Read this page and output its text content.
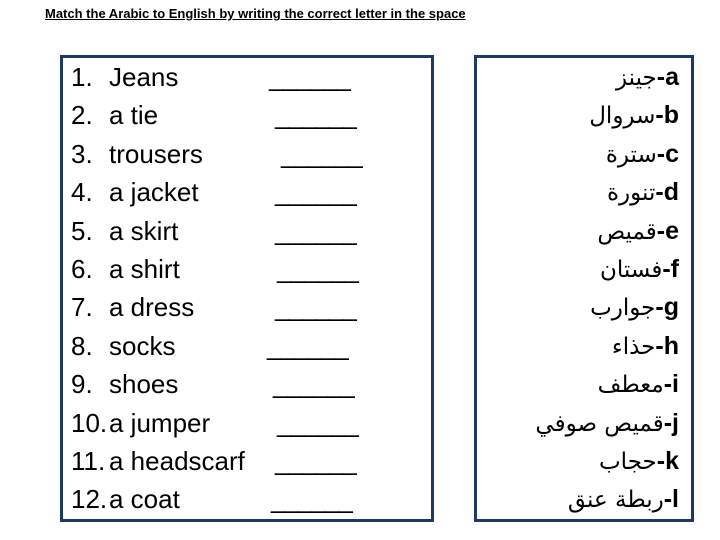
Match the Arabic to English by writing the correct letter in the space
1. Jeans	______
2. a tie	______
3. trousers	______
4. a jacket	______
5. a skirt	______
6. a shirt	______
7. a dress	______
8. socks	______
9. shoes	______
10.a jumper	______
11. a headscarf ______
12.a coat	______
جينز-a
سروال-b
سترة-c
تنورة-d
قميص-e
فستان-f
جوارب-g
حذاء-h
معطف-i
قميص صوفي-j
حجاب-k
ربطة عنق-l
